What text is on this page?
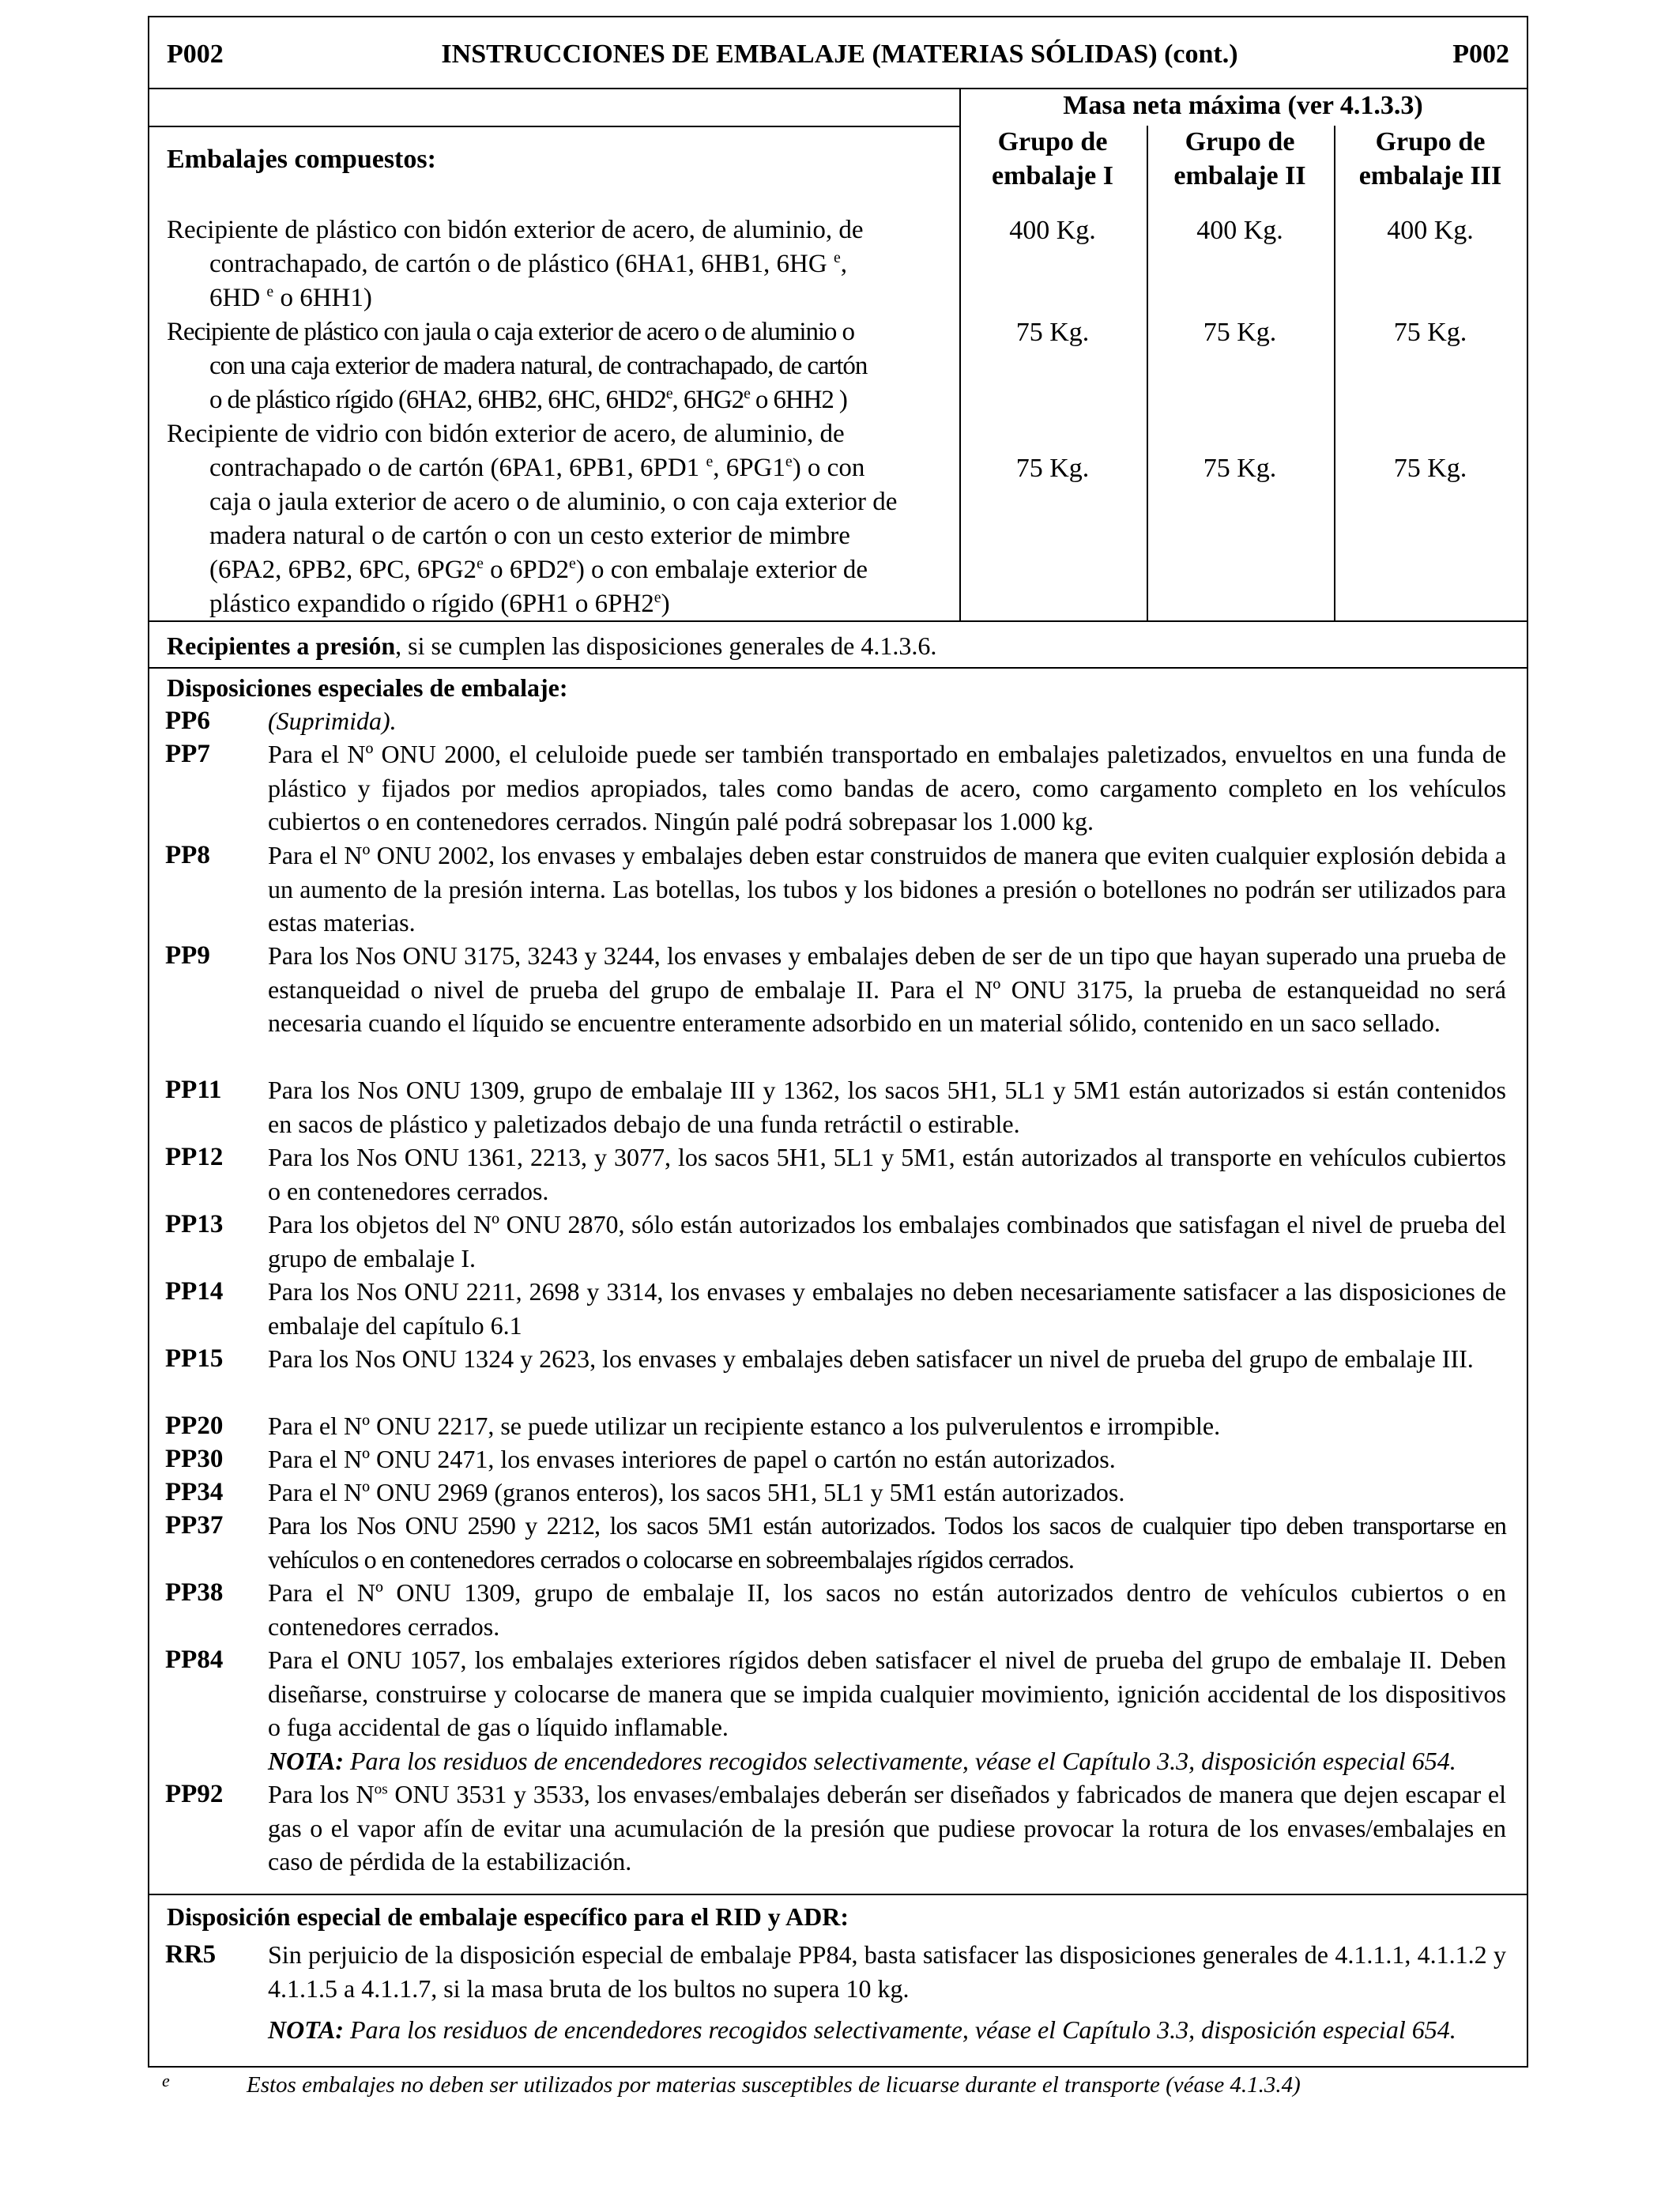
P002	INSTRUCCIONES DE EMBALAJE (MATERIAS SÓLIDAS) (cont.)	P002
Masa neta máxima (ver 4.1.3.3)
Embalajes compuestos:
Grupo de embalaje I
Grupo de embalaje II
Grupo de embalaje III
Recipiente de plástico con bidón exterior de acero, de aluminio, de
contrachapado, de cartón o de plástico (6HA1, 6HB1, 6HG $^e$,
6HD $^e$ o 6HH1)
400 Kg.	400 Kg.	400 Kg.
Recipiente de plástico con jaula o caja exterior de acero o de aluminio o
con una caja exterior de madera natural, de contrachapado, de cartón
o de plástico rígido (6HA2, 6HB2, 6HC, 6HD2e, 6HG2e o 6HH2 )
75 Kg.	75 Kg.	75 Kg.
Recipiente de vidrio con bidón exterior de acero, de aluminio, de
contrachapado o de cartón (6PA1, 6PB1, 6PD1 $^e$, 6PG1e) o con
caja o jaula exterior de acero o de aluminio, o con caja exterior de
madera natural o de cartón o con un cesto exterior de mimbre
(6PA2, 6PB2, 6PC, 6PG2e o 6PD2e) o con embalaje exterior de
plástico expandido o rígido (6PH1 o 6PH2e)
75 Kg.	75 Kg.	75 Kg.
Recipientes a presión, si se cumplen las disposiciones generales de 4.1.3.6.
Disposiciones especiales de embalaje:
PP6	(Suprimida).
PP7	Para el Nº ONU 2000, el celuloide puede ser también transportado en embalajes paletizados, envueltos en una funda de plástico y fijados por medios apropiados, tales como bandas de acero, como cargamento completo en los vehículos cubiertos o en contenedores cerrados. Ningún palé podrá sobrepasar los 1.000 kg.
PP8	Para el Nº ONU 2002, los envases y embalajes deben estar construidos de manera que eviten cualquier explosión debida a un aumento de la presión interna. Las botellas, los tubos y los bidones a presión o botellones no podrán ser utilizados para estas materias.
PP9	Para los Nos ONU 3175, 3243 y 3244, los envases y embalajes deben de ser de un tipo que hayan superado una prueba de estanqueidad o nivel de prueba del grupo de embalaje II. Para el Nº ONU 3175, la prueba de estanqueidad no será necesaria cuando el líquido se encuentre enteramente adsorbido en un material sólido, contenido en un saco sellado.
PP11	Para los Nos ONU 1309, grupo de embalaje III y 1362, los sacos 5H1, 5L1 y 5M1 están autorizados si están contenidos en sacos de plástico y paletizados debajo de una funda retráctil o estirable.
PP12	Para los Nos ONU 1361, 2213, y 3077, los sacos 5H1, 5L1 y 5M1, están autorizados al transporte en vehículos cubiertos o en contenedores cerrados.
PP13	Para los objetos del Nº ONU 2870, sólo están autorizados los embalajes combinados que satisfagan el nivel de prueba del grupo de embalaje I.
PP14	Para los Nos ONU 2211, 2698 y 3314, los envases y embalajes no deben necesariamente satisfacer a las disposiciones de embalaje del capítulo 6.1
PP15	Para los Nos ONU 1324 y 2623, los envases y embalajes deben satisfacer un nivel de prueba del grupo de embalaje III.
PP20	Para el Nº ONU 2217, se puede utilizar un recipiente estanco a los pulverulentos e irrompible.
PP30	Para el Nº ONU 2471, los envases interiores de papel o cartón no están autorizados.
PP34	Para el Nº ONU 2969 (granos enteros), los sacos 5H1, 5L1 y 5M1 están autorizados.
PP37	Para los Nos ONU 2590 y 2212, los sacos 5M1 están autorizados. Todos los sacos de cualquier tipo deben transportarse en vehículos o en contenedores cerrados o colocarse en sobreembalajes rígidos cerrados.
PP38	Para el Nº ONU 1309, grupo de embalaje II, los sacos no están autorizados dentro de vehículos cubiertos o en contenedores cerrados.
PP84	Para el ONU 1057, los embalajes exteriores rígidos deben satisfacer el nivel de prueba del grupo de embalaje II. Deben diseñarse, construirse y colocarse de manera que se impida cualquier movimiento, ignición accidental de los dispositivos o fuga accidental de gas o líquido inflamable.
NOTA: Para los residuos de encendedores recogidos selectivamente, véase el Capítulo 3.3, disposición especial 654.
PP92	Para los $N^{os}$ ONU 3531 y 3533, los envases/embalajes deberán ser diseñados y fabricados de manera que dejen escapar el gas o el vapor afín de evitar una acumulación de la presión que pudiese provocar la rotura de los envases/embalajes en caso de pérdida de la estabilización.
Disposición especial de embalaje específico para el RID y ADR:
RR5	Sin perjuicio de la disposición especial de embalaje PP84, basta satisfacer las disposiciones generales de 4.1.1.1, 4.1.1.2 y 4.1.1.5 a 4.1.1.7, si la masa bruta de los bultos no supera 10 kg.
NOTA: Para los residuos de encendedores recogidos selectivamente, véase el Capítulo 3.3, disposición especial 654.
e	Estos embalajes no deben ser utilizados por materias susceptibles de licuarse durante el transporte (véase 4.1.3.4)
